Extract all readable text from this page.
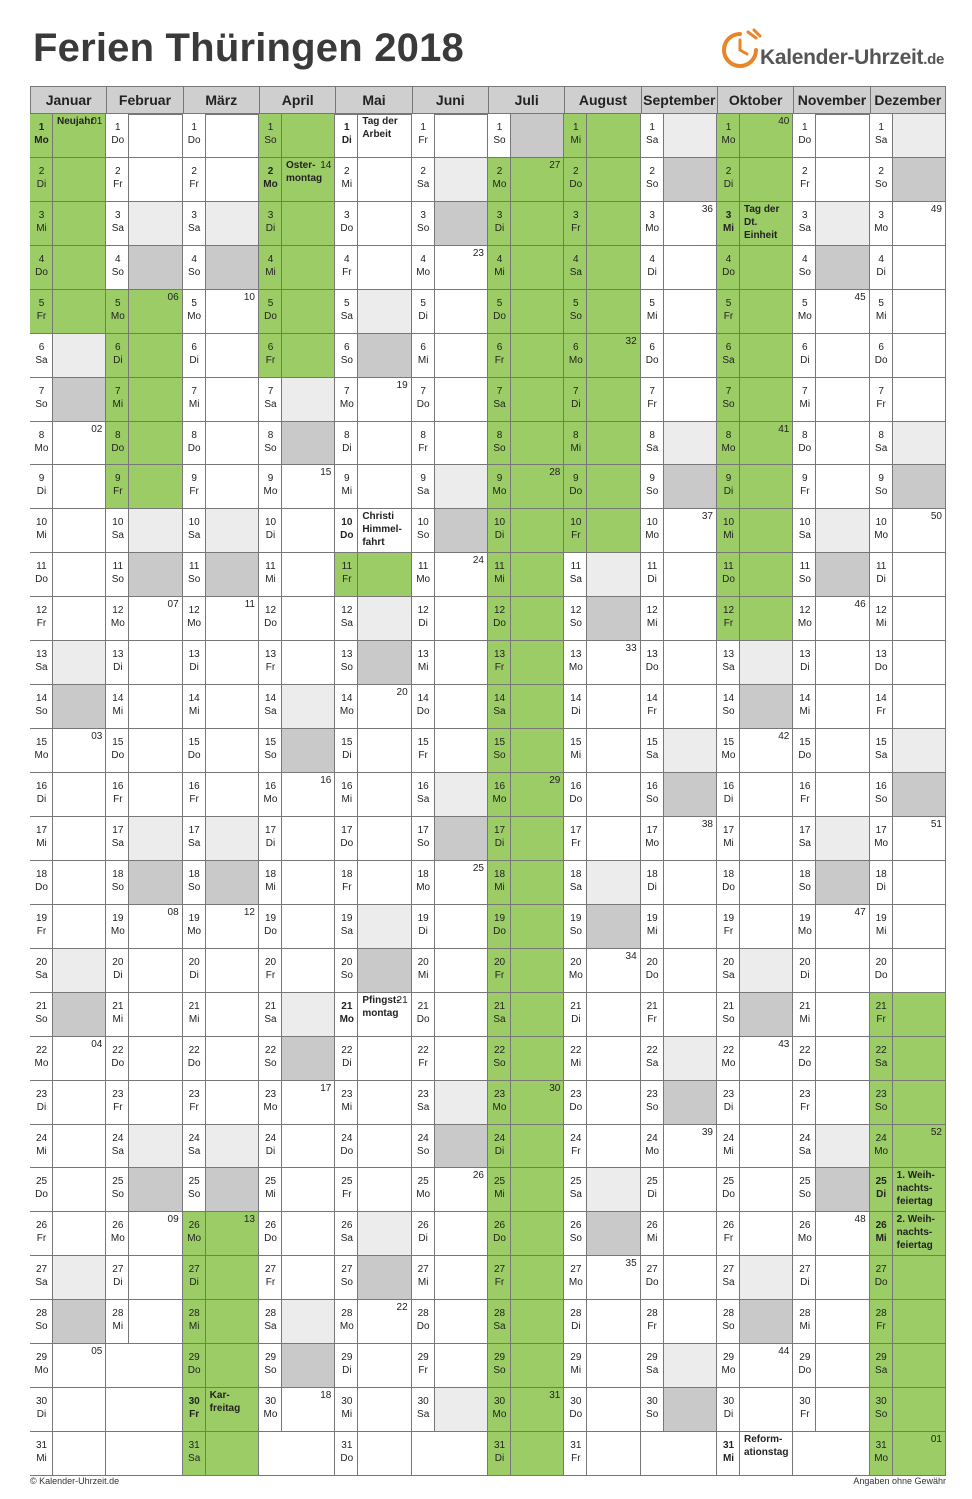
Ferien Thüringen 2018	Kalender-Uhrzeit.de
Januar
1
Mo
01
Neujahr
2
Di
3
Mi
4
Do
5
Fr
6
Sa
7
So
8
Mo
02
9
Di
10
Mi
11
Do
12
Fr
13
Sa
14
So
15
Mo
03
16
Di
17
Mi
18
Do
19
Fr
20
Sa
21
So
22
Mo
04
23
Di
24
Mi
25
Do
26
Fr
27
Sa
28
So
29
Mo
05
30
Di
31
Mi
Februar
1
Do
2
Fr
3
Sa
4
So
5
Mo
06
6
Di
7
Mi
8
Do
9
Fr
10
Sa
11
So
12
Mo
07
13
Di
14
Mi
15
Do
16
Fr
17
Sa
18
So
19
Mo
08
20
Di
21
Mi
22
Do
23
Fr
24
Sa
25
So
26
Mo
09
27
Di
28
Mi
März
1
Do
2
Fr
3
Sa
4
So
5
Mo
10
6
Di
7
Mi
8
Do
9
Fr
10
Sa
11
So
12
Mo
11
13
Di
14
Mi
15
Do
16
Fr
17
Sa
18
So
19
Mo
12
20
Di
21
Mi
22
Do
23
Fr
24
Sa
25
So
26
Mo
13
27
Di
28
Mi
29
Do
30
Fr
Kar-freitag
31
Sa
April
1
So
2
Mo
14
Oster-montag
3
Di
4
Mi
5
Do
6
Fr
7
Sa
8
So
9
Mo
15
10
Di
11
Mi
12
Do
13
Fr
14
Sa
15
So
16
Mo
16
17
Di
18
Mi
19
Do
20
Fr
21
Sa
22
So
23
Mo
17
24
Di
25
Mi
26
Do
27
Fr
28
Sa
29
So
30
Mo
18
Mai
1
Di
Tag der Arbeit
2
Mi
3
Do
4
Fr
5
Sa
6
So
7
Mo
19
8
Di
9
Mi
10
Do
Christi Himmel-fahrt
11
Fr
12
Sa
13
So
14
Mo
20
15
Di
16
Mi
17
Do
18
Fr
19
Sa
20
So
21
Mo
21
Pfingst-montag
22
Di
23
Mi
24
Do
25
Fr
26
Sa
27
So
28
Mo
22
29
Di
30
Mi
31
Do
Juni
1
Fr
2
Sa
3
So
4
Mo
23
5
Di
6
Mi
7
Do
8
Fr
9
Sa
10
So
11
Mo
24
12
Di
13
Mi
14
Do
15
Fr
16
Sa
17
So
18
Mo
25
19
Di
20
Mi
21
Do
22
Fr
23
Sa
24
So
25
Mo
26
26
Di
27
Mi
28
Do
29
Fr
30
Sa
Juli
1
So
2
Mo
27
3
Di
4
Mi
5
Do
6
Fr
7
Sa
8
So
9
Mo
28
10
Di
11
Mi
12
Do
13
Fr
14
Sa
15
So
16
Mo
29
17
Di
18
Mi
19
Do
20
Fr
21
Sa
22
So
23
Mo
30
24
Di
25
Mi
26
Do
27
Fr
28
Sa
29
So
30
Mo
31
31
Di
August
1
Mi
2
Do
3
Fr
4
Sa
5
So
6
Mo
32
7
Di
8
Mi
9
Do
10
Fr
11
Sa
12
So
13
Mo
33
14
Di
15
Mi
16
Do
17
Fr
18
Sa
19
So
20
Mo
34
21
Di
22
Mi
23
Do
24
Fr
25
Sa
26
So
27
Mo
35
28
Di
29
Mi
30
Do
31
Fr
September
1
Sa
2
So
3
Mo
36
4
Di
5
Mi
6
Do
7
Fr
8
Sa
9
So
10
Mo
37
11
Di
12
Mi
13
Do
14
Fr
15
Sa
16
So
17
Mo
38
18
Di
19
Mi
20
Do
21
Fr
22
Sa
23
So
24
Mo
39
25
Di
26
Mi
27
Do
28
Fr
29
Sa
30
So
Oktober
1
Mo
40
2
Di
3
Mi
Tag der Dt. Einheit
4
Do
5
Fr
6
Sa
7
So
8
Mo
41
9
Di
10
Mi
11
Do
12
Fr
13
Sa
14
So
15
Mo
42
16
Di
17
Mi
18
Do
19
Fr
20
Sa
21
So
22
Mo
43
23
Di
24
Mi
25
Do
26
Fr
27
Sa
28
So
29
Mo
44
30
Di
31
Mi
Reform-ationstag
November
1
Do
2
Fr
3
Sa
4
So
5
Mo
45
6
Di
7
Mi
8
Do
9
Fr
10
Sa
11
So
12
Mo
46
13
Di
14
Mi
15
Do
16
Fr
17
Sa
18
So
19
Mo
47
20
Di
21
Mi
22
Do
23
Fr
24
Sa
25
So
26
Mo
48
27
Di
28
Mi
29
Do
30
Fr
Dezember
1
Sa
2
So
3
Mo
49
4
Di
5
Mi
6
Do
7
Fr
8
Sa
9
So
10
Mo
50
11
Di
12
Mi
13
Do
14
Fr
15
Sa
16
So
17
Mo
51
18
Di
19
Mi
20
Do
21
Fr
22
Sa
23
So
24
Mo
52
25
Di
1. Weih-nachts-feiertag
26
Mi
2. Weih-nachts-feiertag
27
Do
28
Fr
29
Sa
30
So
31
Mo
01
© Kalender-Uhrzeit.de	Angaben ohne Gewähr
